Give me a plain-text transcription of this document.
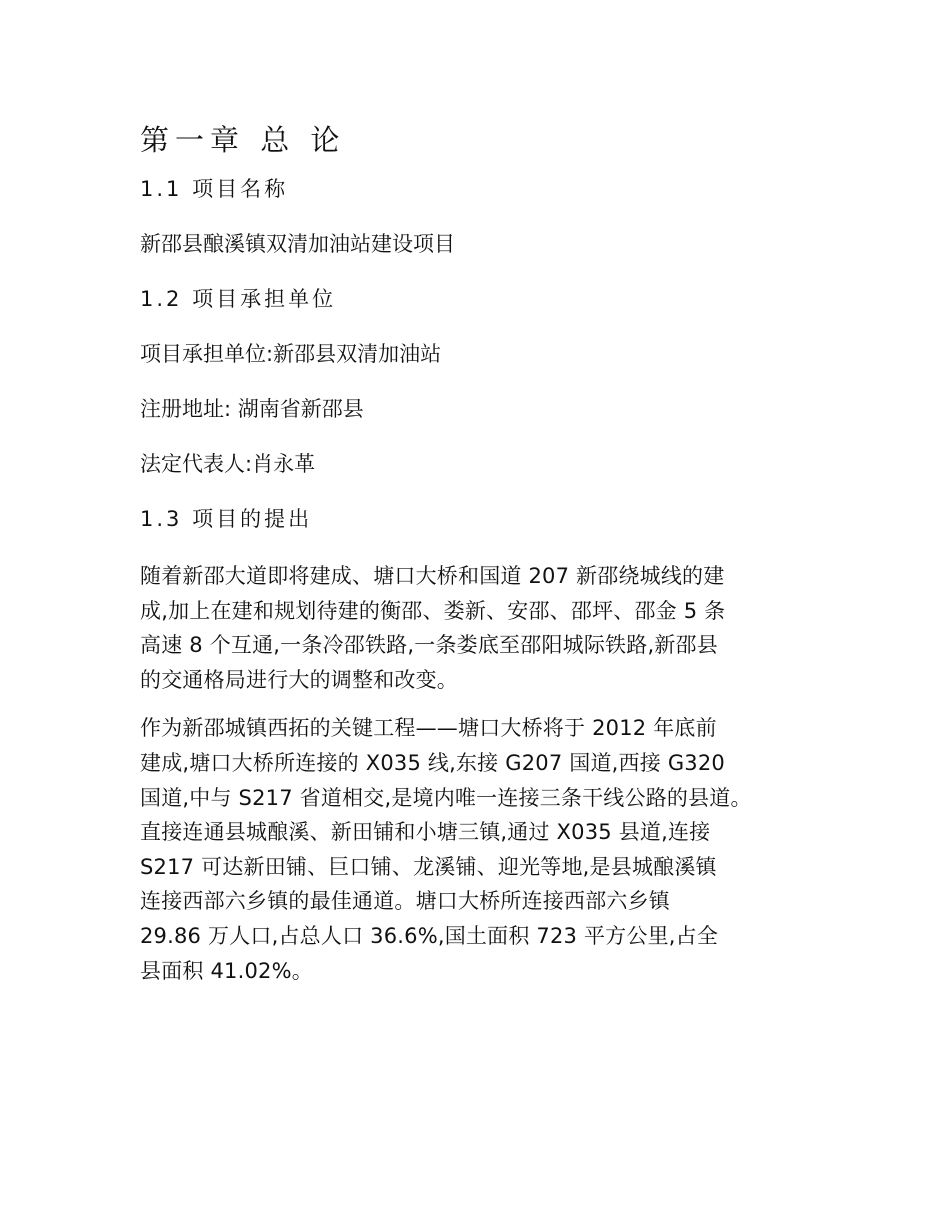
第一章 总 论
1.1 项目名称
新邵县酿溪镇双清加油站建设项目
1.2 项目承担单位
项目承担单位:新邵县双清加油站
注册地址: 湖南省新邵县
法定代表人:肖永革
1.3 项目的提出
随着新邵大道即将建成、塘口大桥和国道 207 新邵绕城线的建
成,加上在建和规划待建的衡邵、娄新、安邵、邵坪、邵金 5 条
高速 8 个互通,一条冷邵铁路,一条娄底至邵阳城际铁路,新邵县
的交通格局进行大的调整和改变。
作为新邵城镇西拓的关键工程——塘口大桥将于 2012 年底前
建成,塘口大桥所连接的 X035 线,东接 G207 国道,西接 G320
国道,中与 S217 省道相交,是境内唯一连接三条干线公路的县道。
直接连通县城酿溪、新田铺和小塘三镇,通过 X035 县道,连接
S217 可达新田铺、巨口铺、龙溪铺、迎光等地,是县城酿溪镇
连接西部六乡镇的最佳通道。塘口大桥所连接西部六乡镇
29.86 万人口,占总人口 36.6%,国土面积 723 平方公里,占全
县面积 41.02%。
